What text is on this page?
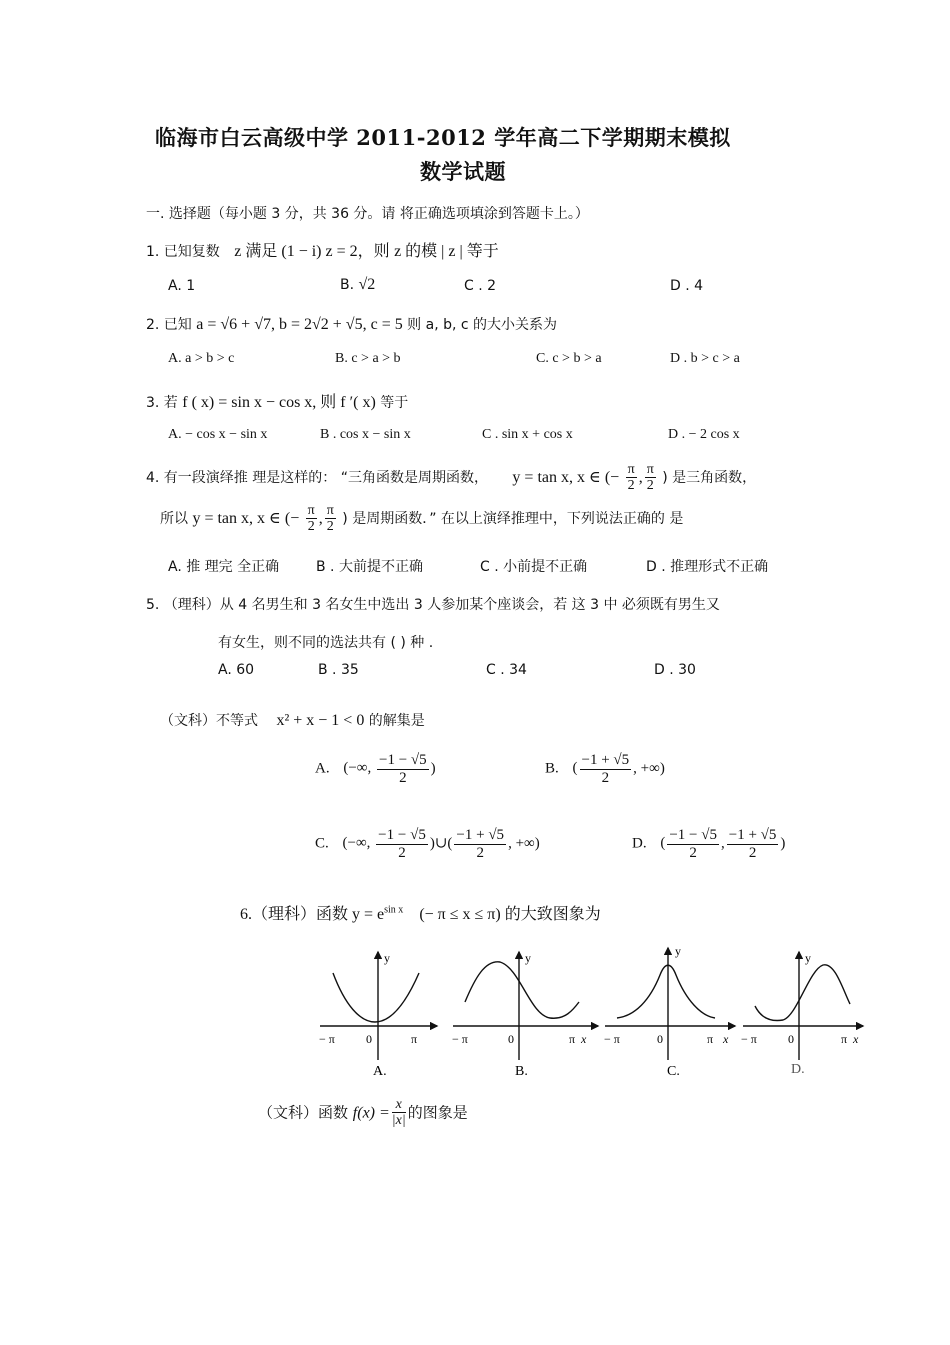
临海市白云高级中学 2011-2012 学年高二下学期期末模拟
数学试题
一. 选择题（每小题 3 分，共 36 分。请 将正确选项填涂到答题卡上。）
1. 已知复数 z 满足 (1 − i) z = 2，则 z 的模 | z | 等于
A. 1	B. √2	C . 2	D . 4
2. 已知 a = √6 + √7, b = 2√2 + √5, c = 5 则 a, b, c 的大小关系为
A. a > b > c	B. c > a > b	C. c > b > a	D . b > c > a
3. 若 f ( x) = sin x − cos x, 则 f ′( x) 等于
A. − cos x − sin x	B . cos x − sin x	C . sin x + cos x	D . − 2 cos x
4. 有一段演绎推 理是这样的： “三角函数是周期函数， y = tan x, x ∈ (− $\frac{\pi}{2}$ , $\frac{\pi}{2}$ ) 是三角函数，
所以 y = tan x, x ∈ (− $\frac{\pi}{2}$ , $\frac{\pi}{2}$ ) 是周期函数．” 在以上演绎推理中，下列说法正确的 是
A. 推 理完 全正确	B . 大前提不正确	C . 小前提不正确	D . 推理形式不正确
5. （理科）从 4 名男生和 3 名女生中选出 3 人参加某个座谈会，若 这 3 中 必须既有男生又
有女生，则不同的选法共有 ( ) 种 .
A. 60	B . 35	C . 34	D . 30
（文科）不等式 x² + x − 1 < 0 的解集是
A. (−∞, $\frac{-1 - √5}{2}$ )	B. ( $\frac{-1 + √5}{2}$ , +∞)
C. (−∞, $\frac{-1 - √5}{2}$ )∪( $\frac{-1 + √5}{2}$ , +∞)	D. ( $\frac{-1 - √5}{2}$ , $\frac{-1 + √5}{2}$ )
6.（理科）函数 $y = e^{sin x}$ (− π ≤ x ≤ π) 的大致图象为
− π	0	π
y
A.
− π	0	π x
y
B.
− π	0	π x
y
C.
− π	0	π x
y
D.
（文科）函数 $f(x) = \frac{x}{|x|}$ 的图象是
